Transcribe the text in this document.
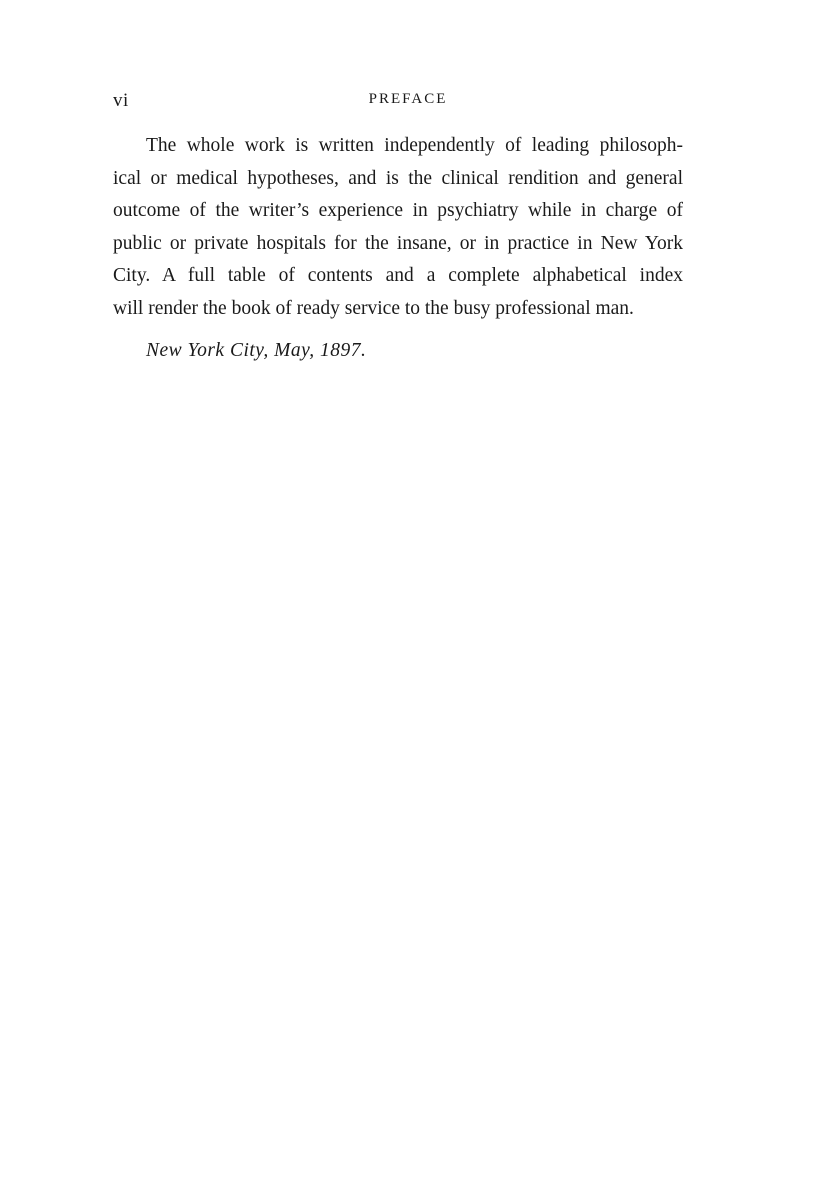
vi	PREFACE
The whole work is written independently of leading philosoph-
ical or medical hypotheses, and is the clinical rendition and general
outcome of the writer’s experience in psychiatry while in charge of
public or private hospitals for the insane, or in practice in New York
City. A full table of contents and a complete alphabetical index
will render the book of ready service to the busy professional man.
New York City, May, 1897.
